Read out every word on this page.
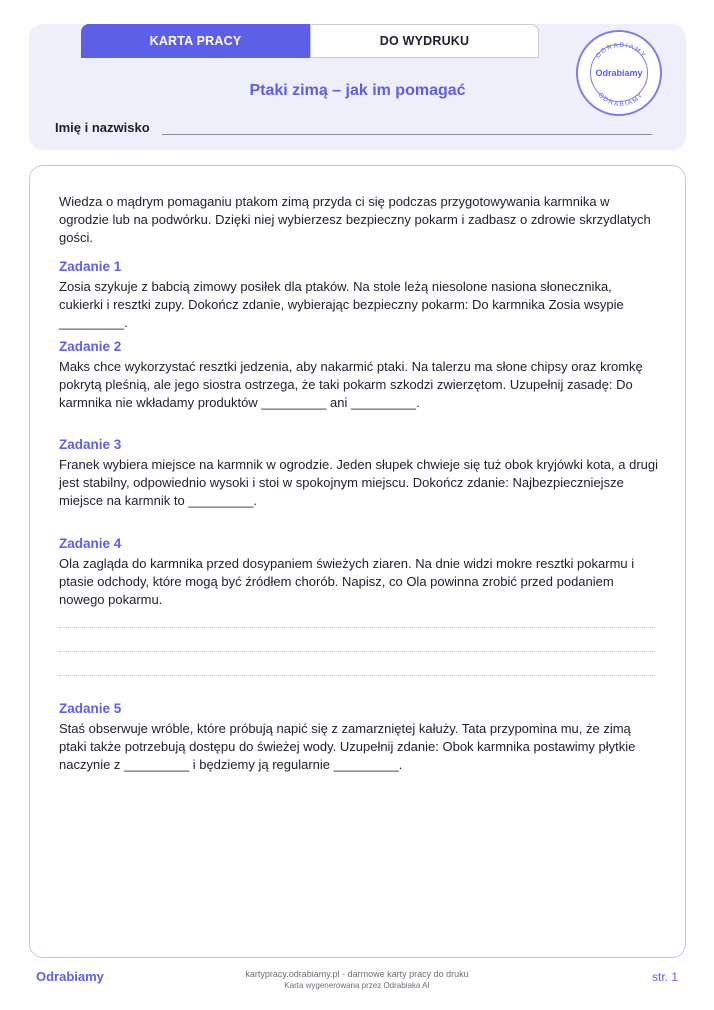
KARTA PRACY	DO WYDRUKU
Ptaki zimą – jak im pomagać
Imię i nazwisko
ODRABIAMY
ODRABIAMY
Odrabiamy
Wiedza o mądrym pomaganiu ptakom zimą przyda ci się podczas przygotowywania karmnika w ogrodzie lub na podwórku. Dzięki niej wybierzesz bezpieczny pokarm i zadbasz o zdrowie skrzydlatych gości.
Zadanie 1
Zosia szykuje z babcią zimowy posiłek dla ptaków. Na stole leżą niesolone nasiona słonecznika, cukierki i resztki zupy. Dokończ zdanie, wybierając bezpieczny pokarm: Do karmnika Zosia wsypie _________.
Zadanie 2
Maks chce wykorzystać resztki jedzenia, aby nakarmić ptaki. Na talerzu ma słone chipsy oraz kromkę pokrytą pleśnią, ale jego siostra ostrzega, że taki pokarm szkodzi zwierzętom. Uzupełnij zasadę: Do karmnika nie wkładamy produktów _________ ani _________.
Zadanie 3
Franek wybiera miejsce na karmnik w ogrodzie. Jeden słupek chwieje się tuż obok kryjówki kota, a drugi jest stabilny, odpowiednio wysoki i stoi w spokojnym miejscu. Dokończ zdanie: Najbezpieczniejsze miejsce na karmnik to _________.
Zadanie 4
Ola zagląda do karmnika przed dosypaniem świeżych ziaren. Na dnie widzi mokre resztki pokarmu i ptasie odchody, które mogą być źródłem chorób. Napisz, co Ola powinna zrobić przed podaniem nowego pokarmu.
Zadanie 5
Staś obserwuje wróble, które próbują napić się z zamarzniętej kałuży. Tata przypomina mu, że zimą ptaki także potrzebują dostępu do świeżej wody. Uzupełnij zdanie: Obok karmnika postawimy płytkie naczynie z _________ i będziemy ją regularnie _________.
Odrabiamy	kartypracy.odrabiamy.pl - darmowe karty pracy do druku
Karta wygenerowana przez Odrabiaka AI
str. 1
